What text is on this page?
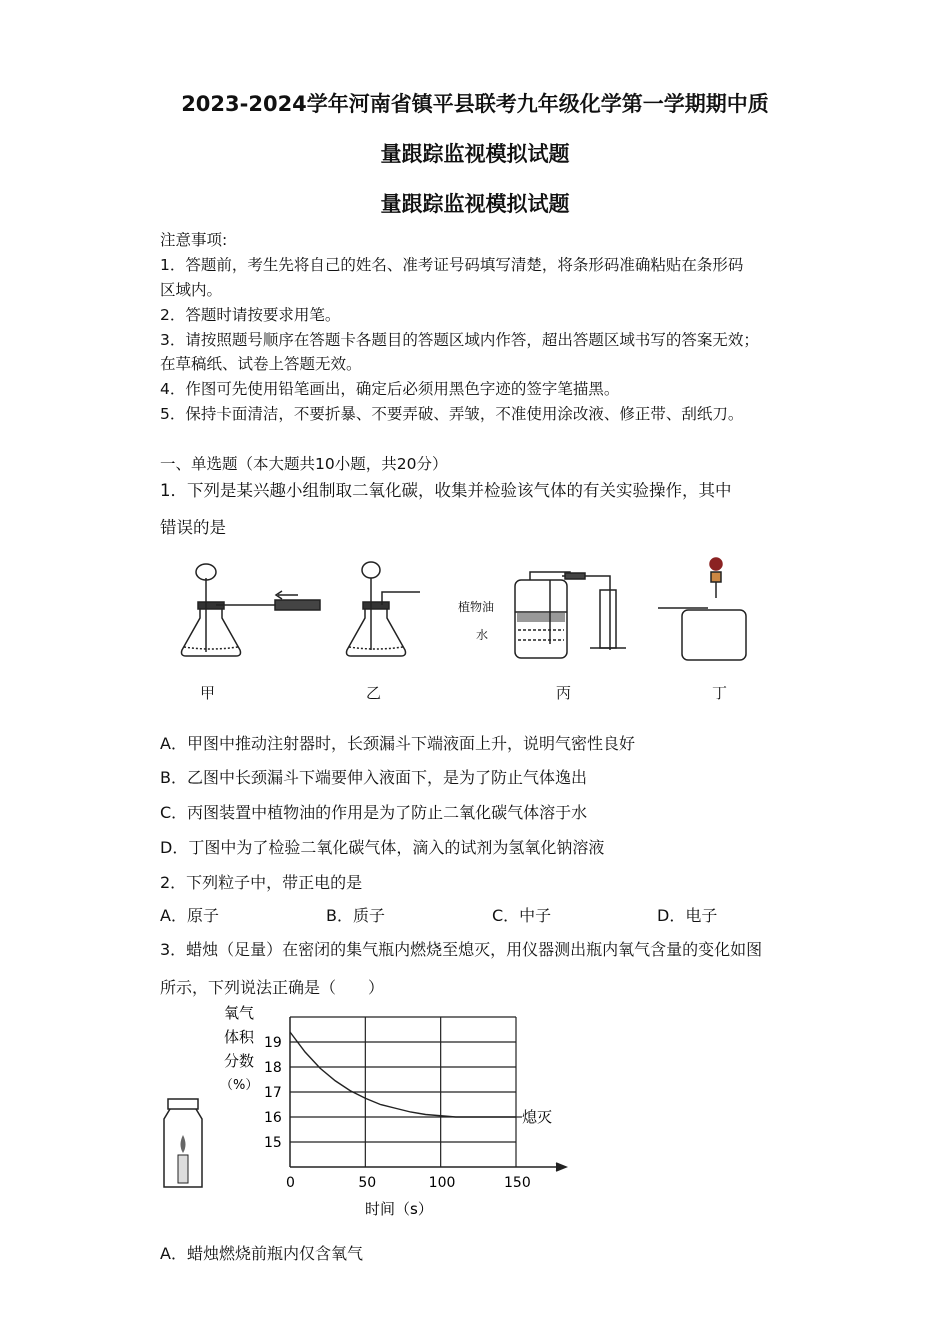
2023-2024学年河南省镇平县联考九年级化学第一学期期中质
量跟踪监视模拟试题
量跟踪监视模拟试题
注意事项:
1．答题前，考生先将自己的姓名、准考证号码填写清楚，将条形码准确粘贴在条形码
区域内。
2．答题时请按要求用笔。
3．请按照题号顺序在答题卡各题目的答题区域内作答，超出答题区域书写的答案无效；
在草稿纸、试卷上答题无效。
4．作图可先使用铅笔画出，确定后必须用黑色字迹的签字笔描黑。
5．保持卡面清洁，不要折暴、不要弄破、弄皱，不准使用涂改液、修正带、刮纸刀。
一、单选题（本大题共10小题，共20分）
1．下列是某兴趣小组制取二氧化碳，收集并检验该气体的有关实验操作，其中
错误的是
甲	乙	丙	丁
植物油
水
A．甲图中推动注射器时，长颈漏斗下端液面上升，说明气密性良好
B．乙图中长颈漏斗下端要伸入液面下，是为了防止气体逸出
C．丙图装置中植物油的作用是为了防止二氧化碳气体溶于水
D．丁图中为了检验二氧化碳气体，滴入的试剂为氢氧化钠溶液
2．下列粒子中，带正电的是
A．原子	B．质子	C．中子	D．电子
3．蜡烛（足量）在密闭的集气瓶内燃烧至熄灭，用仪器测出瓶内氧气含量的变化如图
所示，下列说法正确是（　　）
0	50	100	150
15
16
17
18
19
氧气
体积
分数
（%）
时间（s）
熄灭
A．蜡烛燃烧前瓶内仅含氧气
